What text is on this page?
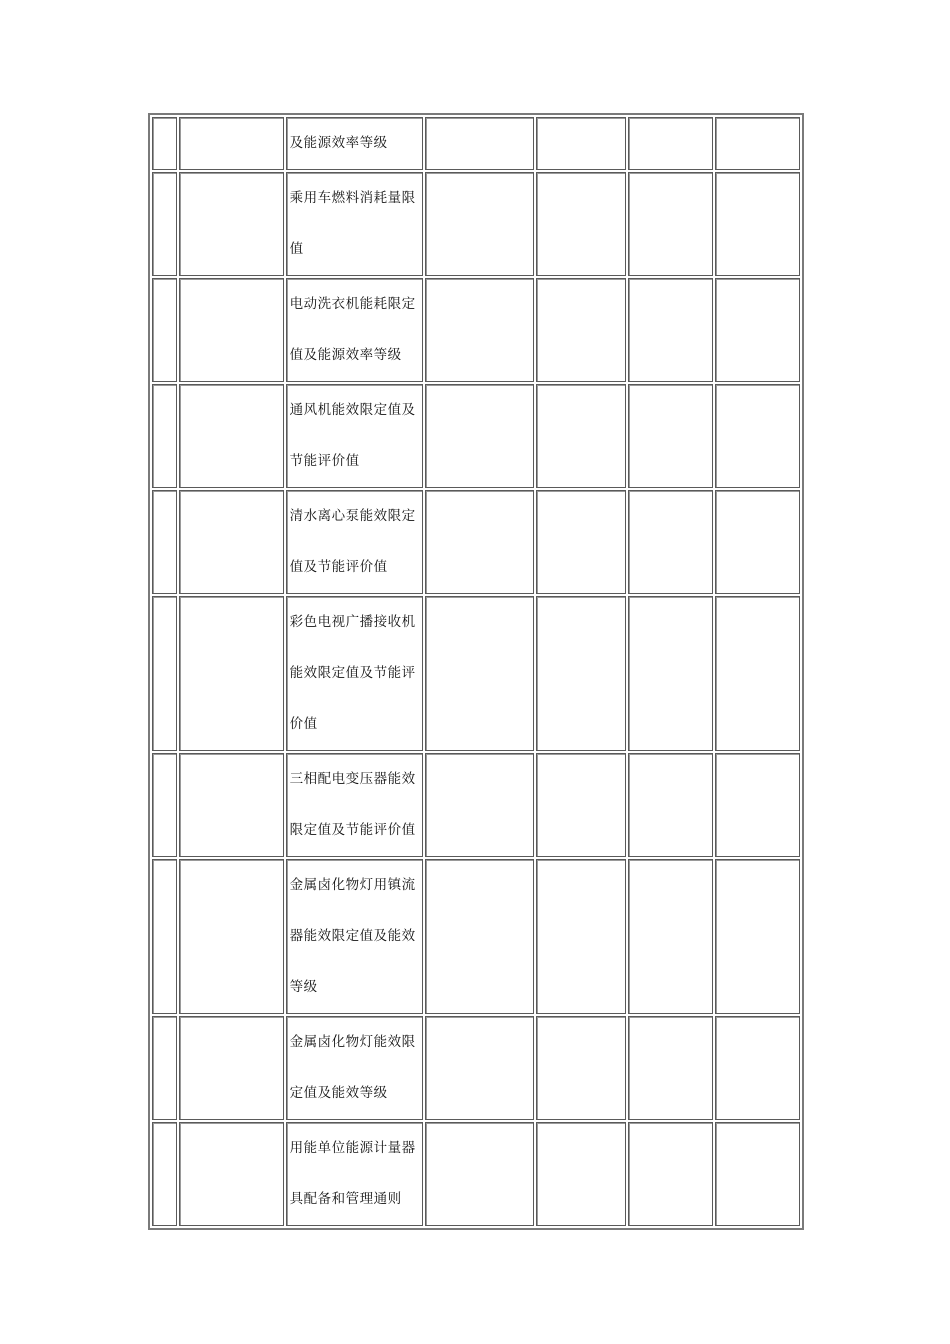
		及能源效率等级				
		乘用车燃料消耗量限值				
		电动洗衣机能耗限定值及能源效率等级				
		通风机能效限定值及节能评价值				
		清水离心泵能效限定值及节能评价值				
		彩色电视广播接收机能效限定值及节能评价值				
		三相配电变压器能效限定值及节能评价值				
		金属卤化物灯用镇流器能效限定值及能效等级				
		金属卤化物灯能效限定值及能效等级				
		用能单位能源计量器具配备和管理通则				
